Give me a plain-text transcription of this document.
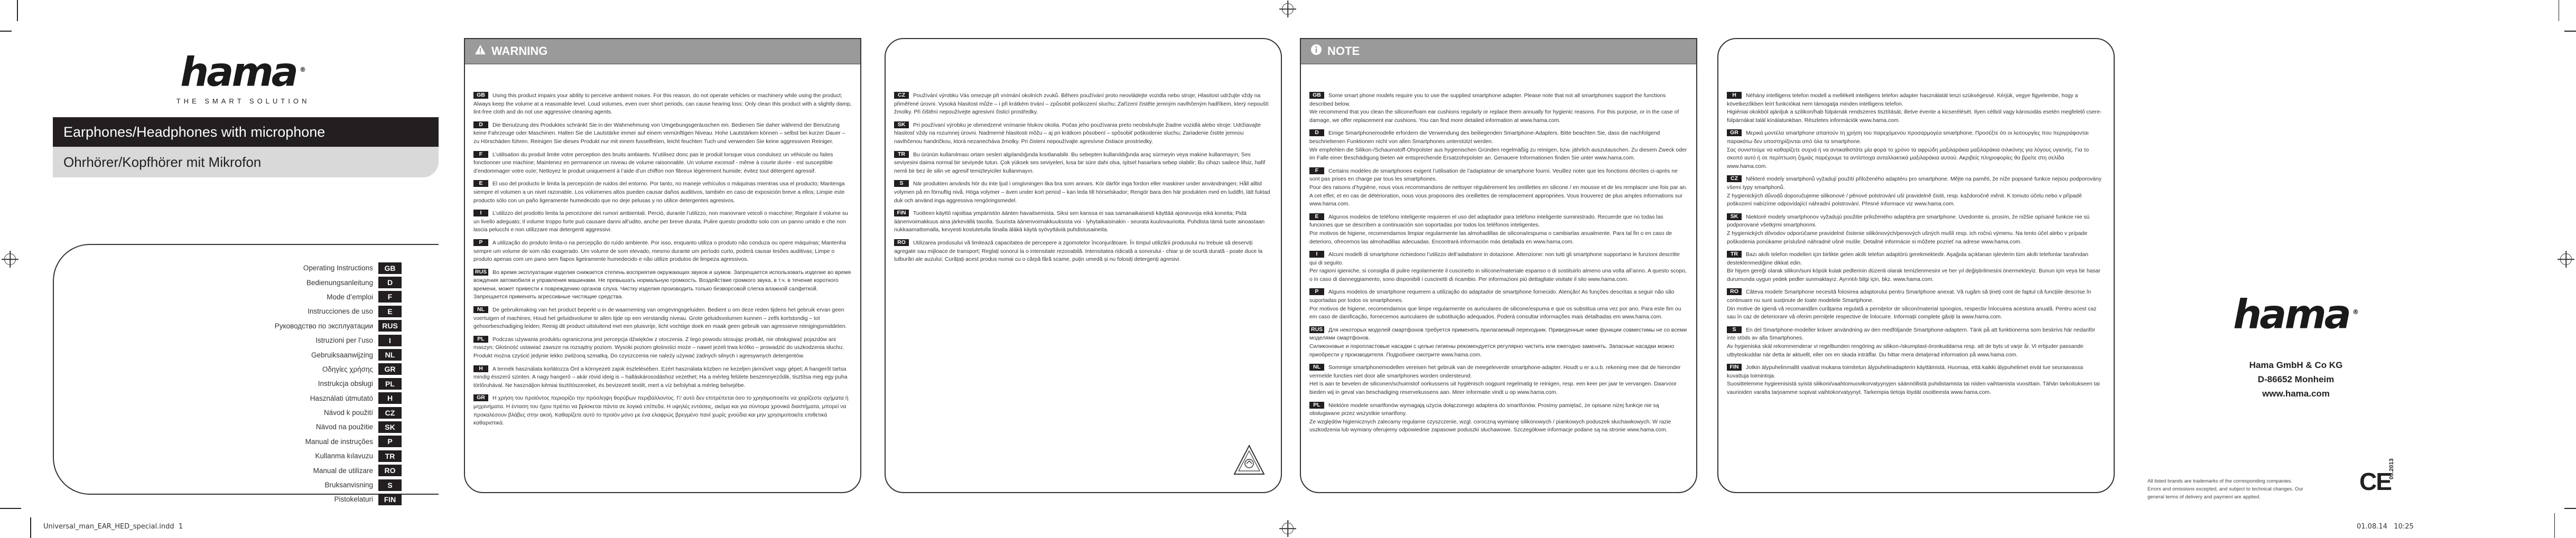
hama ®
THE SMART SOLUTION
Earphones/Headphones with microphone
Ohrhörer/Kopfhörer mit Mikrofon
Operating Instructions	GB
Bedienungsanleitung	D
Mode d’emploi	F
Instrucciones de uso	E
Руководство по эксплуатации	RUS
Istruzioni per l’uso	I
Gebruiksaanwijzing	NL
Οδηγίες χρήσης	GR
Instrukcja obsługi	PL
Használati útmutató	H
Návod k použití	CZ
Návod na použitie	SK
Manual de instruções	P
Kullanma kılavuzu	TR
Manual de utilizare	RO
Bruksanvisning	S
Pistokelaturi	FIN
WARNING

GB Using this product impairs your ability to perceive ambient noises. For this reason, do not operate vehicles or machinery while using the product; Always keep the volume at a reasonable level. Loud volumes, even over short periods, can cause hearing loss; Only clean this product with a slightly damp, lint-free cloth and do not use aggressive cleaning agents.

D Die Benutzung des Produktes schränkt Sie in der Wahrnehmung von Umgebungsgeräuschen ein. Bedienen Sie daher während der Benutzung keine Fahrzeuge oder Maschinen. Halten Sie die Lautstärke immer auf einem vernünftigen Niveau. Hohe Lautstärken können – selbst bei kurzer Dauer – zu Hörschäden führen. Reinigen Sie dieses Produkt nur mit einem fusselfreien, leicht feuchten Tuch und verwenden Sie keine aggressiven Reiniger.

F L’utilisation du produit limite votre perception des bruits ambiants. N’utilisez donc pas le produit lorsque vous conduisez un véhicule ou faites fonctionner une machine; Maintenez en permanence un niveau de volume raisonnable. Un volume excessif - même à courte durée - est susceptible d’endommager votre ouïe; Nettoyez le produit uniquement à l’aide d’un chiffon non fibreux légèrement humide; évitez tout détergent agressif.

E El uso del producto le limita la percepción de ruidos del entorno. Por tanto, no maneje vehículos o máquinas mientras usa el producto; Mantenga siempre el volumen a un nivel razonable. Los volúmenes altos pueden causar daños auditivos, también en caso de exposición breve a ellos; Limpie este producto sólo con un paño ligeramente humedecido que no deje pelusas y no utilice detergentes agresivos.

I L’utilizzo del prodotto limita la percezione dei rumori ambientali. Perciò, durante l’utilizzo, non manovrare veicoli o macchine; Regolare il volume su un livello adeguato; Il volume troppo forte può causare danni all’udito, anche per breve durata. Pulire questo prodotto solo con un panno umido e che non lascia pelucchi e non utilizzare mai detergenti aggressivi.

P A utilização do produto limita-o na percepção do ruído ambiente. Por isso, enquanto utiliza o produto não conduza ou opere máquinas; Mantenha sempre um volume de som não exagerado. Um volume de som elevado, mesmo durante um período curto, poderá causar lesões auditivas; Limpe o produto apenas com um pano sem fiapos ligeiramente humedecido e não utilize produtos de limpeza agressivos.

RUS Во время эксплуатации изделия снижается степень восприятия окружающих звуков и шумов. Запрещается использовать изделие во время вождения автомобиля и управления машинами. Не превышать нормальную громкость. Воздействие громкого звука, в т.ч. в течение короткого времени, может привести к повреждению органов слуха. Чистку изделия производить только безворсовой слегка влажной салфеткой. Запрещается применять агрессивные чистящие средства.

NL De gebruikmaking van het product beperkt u in de waarneming van omgevingsgeluiden. Bedient u om deze reden tijdens het gebruik ervan geen voertuigen of machines; Houd het geluidsvolume te allen tijde op een verstandig niveau. Grote geluidsvolumen kunnen – zelfs kortstondig – tot gehoorbeschadiging leiden; Reinig dit product uitsluitend met een pluisvrije, licht vochtige doek en maak geen gebruik van agressieve reinigingsmiddelen.

PL Podczas używania produktu ograniczona jest percepcja dźwięków z otoczenia. Z tego powodu stosując produkt, nie obsługiwać pojazdów ani maszyn; Głośność ustawiać zawsze na rozsądny poziom. Wysoki poziom głośności może – nawet jeżeli trwa krótko – prowadzić do uszkodzenia słuchu; Produkt można czyścić jedynie lekko zwilżoną szmatką. Do czyszczenia nie należy używać żadnych silnych i agresywnych detergentów.

H A termék használata korlátozza Önt a környezeti zajok észlelésében. Ezért használata közben ne kezeljen járművet vagy gépet; A hangerőt tartsa mindig ésszerű szinten. A nagy hangerő – akár rövid ideig is – halláskárosodáshoz vezethet; Ha a mérleg felülete beszennyeződik, tisztítsa meg egy puha törlőruhával. Ne használjon kémiai tisztítószereket, és bevizezett textilt, mert a víz befolyhat a mérleg belsejébe.

GR Η χρήση του προϊόντος περιορίζει την πρόσληψη θορύβων περιβάλλοντος. Γι’ αυτό δεν επιτρέπεται όσο το χρησιμοποιείτε να χειρίζεστε οχήματα ή μηχανήματα. Η ένταση του ήχου πρέπει να βρίσκεται πάντα σε λογικά επίπεδα. Η υψηλές εντάσεις, ακόμα και για σύντομα χρονικά διαστήματα, μπορεί να προκαλέσουν βλάβες στην ακοή. Καθαρίζετε αυτό το προϊόν μόνο με ένα ελαφρώς βρεγμένο πανί χωρίς χνούδια και μην χρησιμοποιείτε επιθετικά καθαριστικά.

CZ Používání výrobku Vás omezuje při vnímání okolních zvuků. Během používání proto neovládejte vozidla nebo stroje; Hlasitost udržujte vždy na přiměřené úrovni. Vysoká hlasitost může – i při krátkém trvání – způsobit poškození sluchu; Zařízení čistěte jemným navlhčeným hadříkem, který nepouští žmolky. Při čištění nepoužívejte agresivní čisticí prostředky.

SK Pri používaní výrobku je obmedzené vnímanie hlukov okolia. Počas jeho používania preto neobsluhujte žiadne vozidlá alebo stroje: Udržiavajte hlasitosť vždy na rozumnej úrovni. Nadmerné hlasitosti môžu – aj pri krátkom pôsobení – spôsobiť poškodenie sluchu; Zariadenie čistite jemnou navlhčenou handričkou, ktorá nezanecháva žmolky. Pri čistení nepoužívajte agresívne čistiace prostriedky.

TR Bu ürünün kullanılması ortam sesleri algılandığında kısıtlanabilir. Bu sebepten kullanıldığında araç sürmeyin veya makine kullanmayın; Ses seviyesini daima normal bir seviyede tutun. Çok yüksek ses seviyeleri, kısa bir süre dahi olsa, işitsel hasarlara sebep olabilir; Bu cihazı sadece lifsiz, hafif nemli bir bez ile silin ve agresif temizleyiciler kullanmayın.

S När produkten används hör du inte ljud i omgivningen lika bra som annars. Kör därför inga fordon eller maskiner under användningen; Håll alltid volymen på en förnuftig nivå. Höga volymer – även under kort period – kan leda till hörselskador; Rengör bara den här produkten med en luddfri, lätt fuktad duk och använd inga aggressiva rengöringsmedel.

FIN Tuotteen käyttö rajoittaa ympäristön äänten havaitsemista. Siksi sen kanssa ei saa samanaikaisesti käyttää ajoneuvoja eikä koneita; Pidä äänenvoimakkuus aina järkevällä tasolla. Suurista äänenvoimakkuuksista voi - lyhytaikaisinakin - seurata kuulovaurioita. Puhdista tämä tuote ainoastaan nukkaamattomalla, kevyesti kostutetulla liinalla äläkä käytä syövyttäviä puhdistusaineita.

RO Utilizarea produsului vă limitează capacitatea de percepere a zgomotelor înconjurătoare. În timpul utilizării produsului nu trebuie să deserviți agregate sau mijloace de transport; Reglați sonorul la o intensitate rezonabilă. Intensitatea ridicată a sonorului - chiar și de scurtă durată - poate duce la tulburări ale auzului; Curățați acest produs numai cu o cârpă fără scame, puțin umedă și nu folosiți detergenți agresivi.

NOTE

GB Some smart phone models require you to use the supplied smartphone adapter. Please note that not all smartphones support the functions described below.

We recommend that you clean the silicone/foam ear cushions regularly or replace them annually for hygienic reasons. For this purpose, or in the case of damage, we offer replacement ear cushions. You can find more detailed information at www.hama.com.

D Einige Smartphonemodelle erfordern die Verwendung des beiliegenden Smartphone-Adapters. Bitte beachten Sie, dass die nachfolgend beschriebenen Funktionen nicht von allen Smartphones unterstützt werden.

Wir empfehlen die Silikon-/Schaumstoff-Ohrpolster aus hygienischen Gründen regelmäßig zu reinigen, bzw. jährlich auszutauschen. Zu diesem Zweck oder im Falle einer Beschädigung bieten wir entsprechende Ersatzohrpolster an. Genauere Informationen finden Sie unter www.hama.com.

F Certains modèles de smartphones exigent l’utilisation de l’adaptateur de smartphone fourni. Veuillez noter que les fonctions décrites ci-après ne sont pas prises en charge par tous les smartphones.

Pour des raisons d’hygiène, nous vous recommandons de nettoyer régulièrement les oreillettes en silicone / en mousse et de les remplacer une fois par an. A cet effet, et en cas de détérioration, nous vous proposons des oreillettes de remplacement appropriées. Vous trouverez de plus amples informations sur www.hama.com.

E Algunos modelos de teléfono inteligente requieren el uso del adaptador para teléfono inteligente suministrado. Recuerde que no todas las funciones que se describen a continuación son soportadas por todos los teléfonos inteligentes.

Por motivos de higiene, recomendamos limpiar regularmente las almohadillas de silicona/espuma o cambiarlas anualmente. Para tal fin o en caso de deterioro, ofrecemos las almohadillas adecuadas. Encontrará información más detallada en www.hama.com.

I Alcuni modelli di smartphone richiedono l’utilizzo dell’adattatore in dotazione. Attenzione: non tutti gli smartphone supportano le funzioni descritte qui di seguito.

Per ragioni igieniche, si consiglia di pulire regolarmente il cuscinetto in silicone/materiale espanso o di sostituirlo almeno una volta all’anno. A questo scopo, o in caso di danneggiamento, sono disponibili i cuscinetti di ricambio. Per informazioni più dettagliate visitate il sito www.hama.com.

P Alguns modelos de smartphone requerem a utilização do adaptador de smartphone fornecido. Atenção! As funções descritas a seguir não são suportadas por todos os smartphones.

Por motivos de higiene, recomendamos que limpe regularmente os auriculares de silicone/espuma e que os substitua uma vez por ano. Para este fim ou em caso de danificação, fornecemos auriculares de substituição adequados. Poderá consultar informações mais detalhadas em www.hama.com.

RUS Для некоторых моделей смартфонов требуется применять прилагаемый переходник. Приведенные ниже функции совместимы не со всеми моделями смартфонов.

Силиконовые и поропластовые насадки с целью гигиены рекомендуется регулярно чистить или ежегодно заменять. Запасные насадки можно приобрести у производителя. Подробнее смотрите www.hama.com.

NL Sommige smartphonemodellen vereisen het gebruik van de meegeleverde smartphone-adapter. Houdt u er a.u.b. rekening mee dat de hieronder vermelde functies niet door alle smartphones worden ondersteund.

Het is aan te bevelen de siliconen/schuimstof oorkussens uit hygiënisch oogpunt regelmatig te reinigen, resp. een keer per jaar te vervangen. Daarvoor bieden wij in geval van beschadiging reservekussens aan. Meer informatie vindt u op www.hama.com.

PL Niektóre modele smartfonów wymagają użycia dołączonego adaptera do smartfonów. Prosimy pamiętać, że opisane niżej funkcje nie są obsługiwane przez wszystkie smartfony.

Ze względów higienicznych zalecamy regularne czyszczenie, wzgl. coroczną wymianę silikonowych / piankowych poduszek słuchawkowych. W razie uszkodzenia lub wymiany oferujemy odpowiednie zapasowe poduszki słuchawowe. Szczegółowe informacje podane są na stronie www.hama.com.

H Néhány intelligens telefon modell a mellékelt intelligens telefon adapter használatát teszi szükségessé. Kérjük, vegye figyelembe, hogy a következőkben leírt funkciókat nem támogatja minden intelligens telefon.

Higiéniai okokból ajánljuk a szilikon/hab fülpárnák rendszeres tisztítását, illetve évente a kicserélését. Ilyen célból vagy károsodás esetén megfelelő csere-fülpárnákat talál kínálatunkban. Részletes információk www.hama.com.

GR Μερικά μοντέλα smartphone απαιτούν τη χρήση του παρεχόμενου προσαρμογέα smartphone. Προσέξτε ότι οι λειτουργίες που περιγράφονται παρακάτω δεν υποστηρίζονται από όλα τα smartphone.

Σας συνιστούμε να καθαρίζετε συχνά ή να αντικαθιστάτε μία φορά το χρόνο τα αφρώδη μαξιλαράκια μαξιλαράκια σιλικόνης για λόγους υγιεινής. Για το σκοπό αυτό ή σε περίπτωση ζημιάς παρέχουμε τα αντίστοιχα ανταλλακτικά μαξιλαράκια αυτιού. Ακριβείς πληροφορίες θα βρείτε στη σελίδα www.hama.com.

CZ Některé modely smartphonů vyžadují použití přiloženého adaptéru pro smartphone. Mějte na paměti, že níže popsané funkce nejsou podporovány všemi typy smartphonů.

Z hygienických důvodů doporučujeme silikonové / pěnové polstrování uší pravidelně čistit, resp. každoročně měnit. K tomuto účelu nebo v případě poškození nabízíme odpovídající náhradní polstrování. Přesné informace viz www.hama.com.

SK Niektoré modely smartphonov vyžadujú použitie priloženého adaptéra pre smartphone. Uvedomte si, prosím, že nižšie opísané funkcie nie sú podporované všetkými smartphonmi.

Z hygienických dôvodov odporúčame pravidelné čistenie silikónových/penových ušných mušlí resp. ich ročnú výmenu. Na tento účel alebo v prípade poškodenia ponúkame príslušné náhradné ušné mušle. Detailné informácie si môžete pozrieť na adrese www.hama.com.

TR Bazı akıllı telefon modelleri için birlikte gelen akıllı telefon adaptörü gerekmektedir. Aşağıda açıklanan işlevlerin tüm akıllı telefonlar tarafından desteklenmediğine dikkat edin.

Bir hijyen gereği olarak silikon/suni köpük kulak pedlerinin düzenli olarak temizlenmesini ve her yıl değiştirilmesini önermekteyiz. Bunun için veya bir hasar durumunda uygun yedek pedler sunmaktayız. Ayrıntılı bilgi için, bkz. www.hama.com.

RO Câteva modele Smartphone necesită folosirea adaptorului pentru Smartphone anexat. Vă rugăm să țineți cont de faptul că funcțiile descrise în continuare nu sunt susținute de toate modelele Smartphone.

Din motive de igienă vă recomandăm curățarea regulată a pernițelor de silicon/material spongios, respectiv înlocuirea acestora anuală. Pentru acest caz sau în caz de deteriorare vă oferim pernițele respective de înlocuire. Informații complete găsiți la www.hama.com.

S En del Smartphone-modeller kräver användning av den medföljande Smartphone-adaptern. Tänk på att funktionerna som beskrivs här nedanför inte stöds av alla Smartphones.

Av hygieniska skäl rekommenderar vi regelbunden rengöring av silikon-/skumplast-öronkuddarna resp. att de byts ut varje år. Vi erbjuder passande utbyteskuddar när detta är aktuellt, eller om en skada inträffar. Du hittar mera detaljerad information på www.hama.com.

FIN Jotkin älypuhelinmallit vaativat mukana toimitetun älypuhelinadapterin käyttämistä. Huomaa, että kaikki älypuhelimet eivät tue seuraavassa kuvattuja toimintoja.

Suosittelemme hygieenisistä syistä silikoni/vaahtomuovikorvatyynyjen säännöllistä puhdistamista tai niiden vaihtamista vuosittain. Tähän tarkoitukseen tai vaurioiden varalta tarjoamme sopivat vaihtokorvatyynyt. Tarkempia tietoja löydät osoitteesta www.hama.com.

hama ®
Hama GmbH & Co KG
D-86652 Monheim
www.hama.com
All listed brands are trademarks of the corresponding companies. Errors and omissions excepted, and subject to technical changes. Our general terms of delivery and payment are applied.
CE
09.2013
Universal_man_EAR_HED_special.indd 1	01.08.14 10:25
